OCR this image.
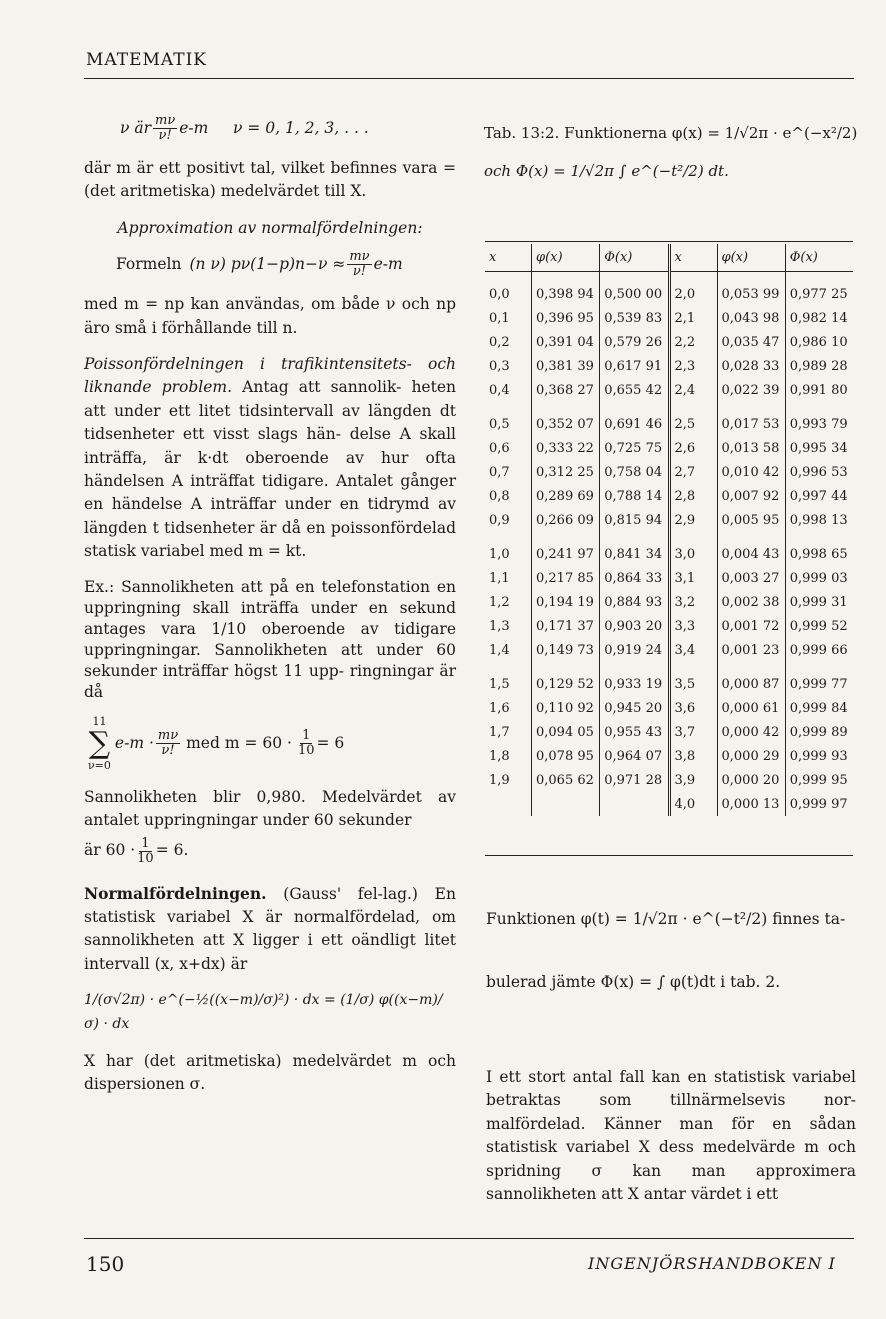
MATEMATIK
ν är $\frac{m\nu}{\nu!} e-m$     ν = 0, 1, 2, 3, . . .

där m är ett positivt tal, vilket befinnes vara = (det aritmetiska) medelvärdet till X.

Approximation av normalfördelningen:

Formeln (n ν) $p\nu(1-p)n-\nu \approx \frac{m\nu}{\nu!} e-m$

med m = np kan användas, om både ν och np äro små i förhållande till n.

Poissonfördelningen i trafikintensitets- och liknande problem. Antag att sannolik- heten att under ett litet tidsintervall av längden dt tidsenheter ett visst slags hän- delse A skall inträffa, är k·dt oberoende av hur ofta händelsen A inträffat tidigare. Antalet gånger en händelse A inträffar under en tidrymd av längden t tidsenheter är då en poissonfördelad statisk variabel med m = kt.

Ex.: Sannolikheten att på en telefonstation en uppringning skall inträffa under en sekund antages vara 1/10 oberoende av tidigare uppringningar. Sannolikheten att under 60 sekunder inträffar högst 11 upp- ringningar är då

11
∑
ν=0
$e-m \cdot \frac{m\nu}{\nu!}$ med $m = 60 \cdot \frac{1}{10} = 6$

Sannolikheten blir 0,980. Medelvärdet av antalet uppringningar under 60 sekunder

är $60 \cdot \frac{1}{10} = 6$.

Normalfördelningen. (Gauss' fel-lag.) En statistisk variabel X är normalfördelad, om sannolikheten att X ligger i ett oändligt litet intervall (x, x+dx) är

1/(σ√2π) · e^(−½((x−m)/σ)²) · dx = (1/σ) φ((x−m)/σ) · dx

X har (det aritmetiska) medelvärdet m och dispersionen σ.

Tab. 13:2. Funktionerna φ(x) = 1/√2π · e^(−x²/2)
och Φ(x) = 1/√2π ∫ e^(−t²/2) dt.
x	φ(x)	Φ(x)	x	φ(x)	Φ(x)

0,0	0,398 94	0,500 00	2,0	0,053 99	0,977 25
0,1	0,396 95	0,539 83	2,1	0,043 98	0,982 14
0,2	0,391 04	0,579 26	2,2	0,035 47	0,986 10
0,3	0,381 39	0,617 91	2,3	0,028 33	0,989 28
0,4	0,368 27	0,655 42	2,4	0,022 39	0,991 80

0,5	0,352 07	0,691 46	2,5	0,017 53	0,993 79
0,6	0,333 22	0,725 75	2,6	0,013 58	0,995 34
0,7	0,312 25	0,758 04	2,7	0,010 42	0,996 53
0,8	0,289 69	0,788 14	2,8	0,007 92	0,997 44
0,9	0,266 09	0,815 94	2,9	0,005 95	0,998 13

1,0	0,241 97	0,841 34	3,0	0,004 43	0,998 65
1,1	0,217 85	0,864 33	3,1	0,003 27	0,999 03
1,2	0,194 19	0,884 93	3,2	0,002 38	0,999 31
1,3	0,171 37	0,903 20	3,3	0,001 72	0,999 52
1,4	0,149 73	0,919 24	3,4	0,001 23	0,999 66

1,5	0,129 52	0,933 19	3,5	0,000 87	0,999 77
1,6	0,110 92	0,945 20	3,6	0,000 61	0,999 84
1,7	0,094 05	0,955 43	3,7	0,000 42	0,999 89
1,8	0,078 95	0,964 07	3,8	0,000 29	0,999 93
1,9	0,065 62	0,971 28	3,9	0,000 20	0,999 95
			4,0	0,000 13	0,999 97
Funktionen φ(t) = 1/√2π · e^(−t²/2) finnes ta-
bulerad jämte Φ(x) = ∫ φ(t)dt i tab. 2.
I ett stort antal fall kan en statistisk variabel betraktas som tillnärmelsevis nor- malfördelad. Känner man för en sådan statistisk variabel X dess medelvärde m och spridning σ kan man approximera sannolikheten att X antar värdet i ett
150	INGENJÖRSHANDBOKEN I
